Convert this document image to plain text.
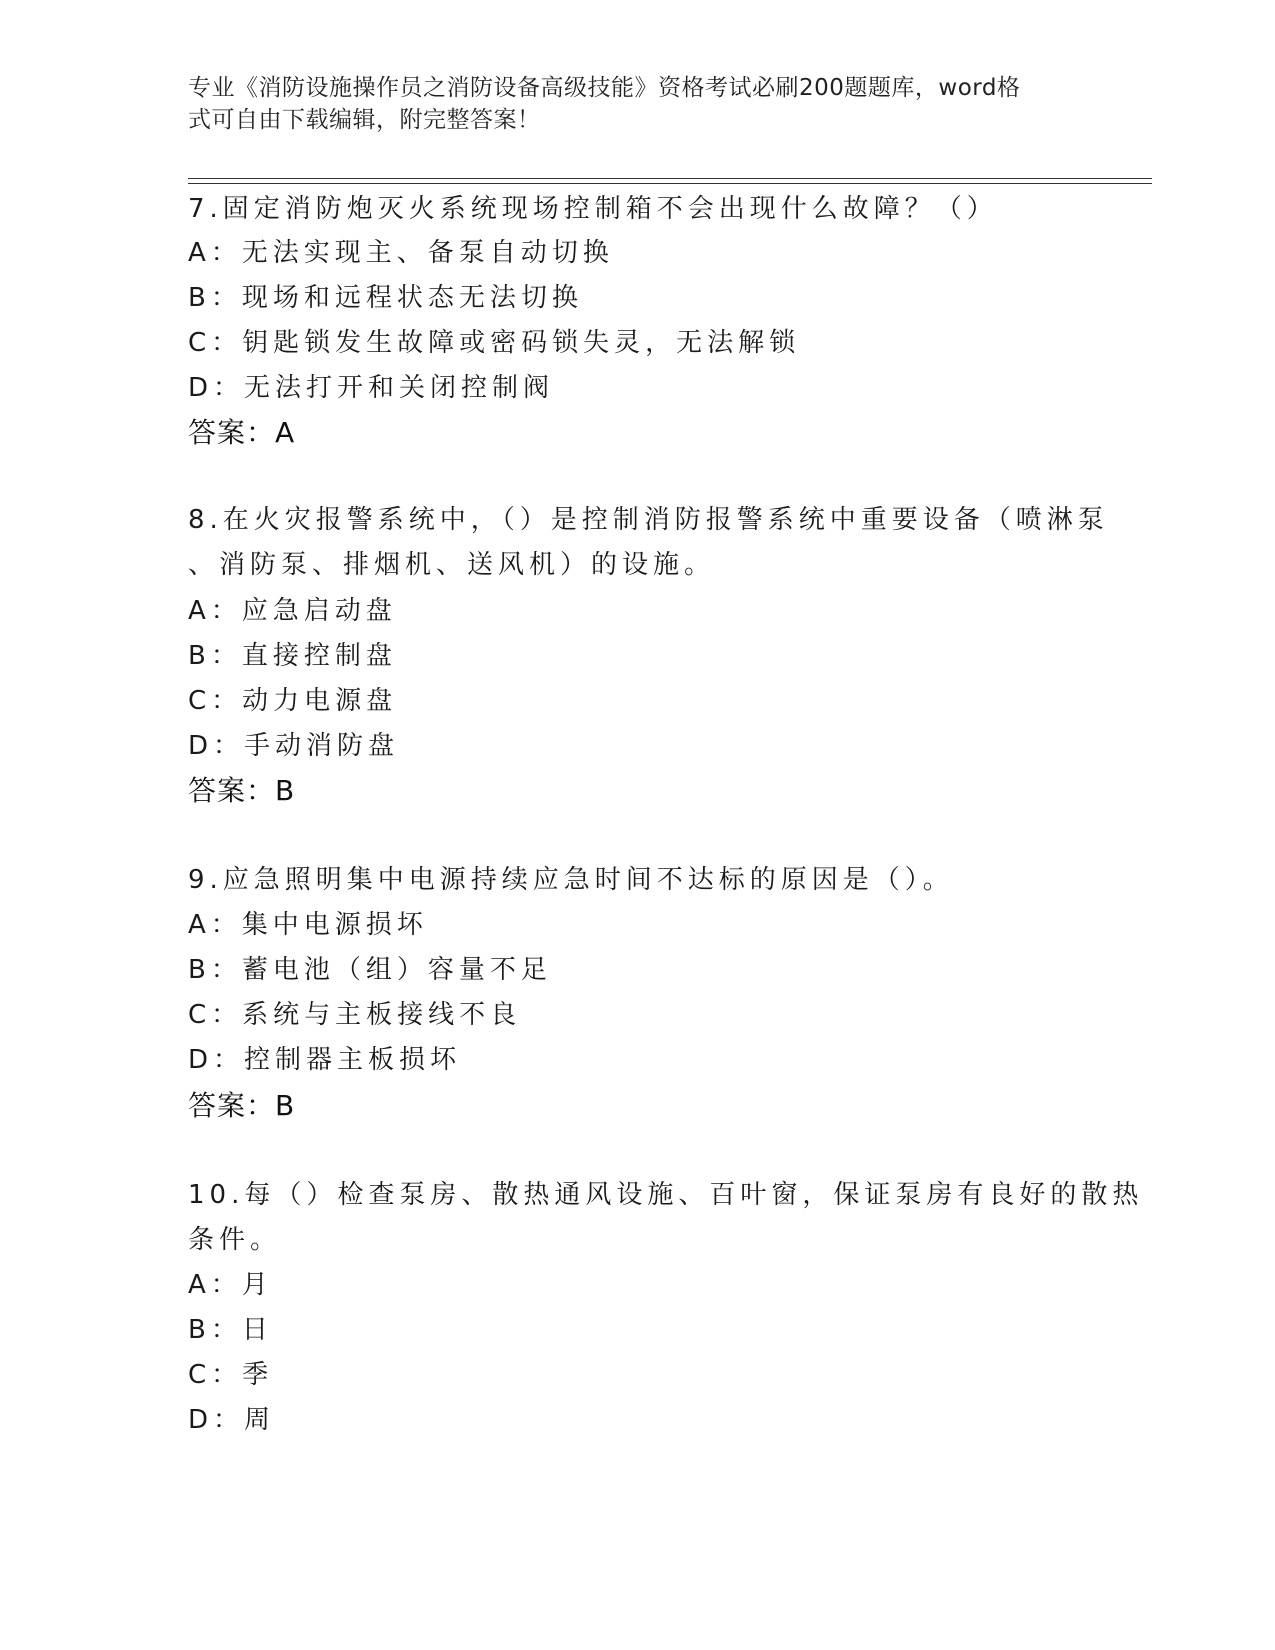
专业《消防设施操作员之消防设备高级技能》资格考试必刷200题题库，word格
式可自由下载编辑，附完整答案！
7.固定消防炮灭火系统现场控制箱不会出现什么故障？（）
A：无法实现主、备泵自动切换
B：现场和远程状态无法切换
C：钥匙锁发生故障或密码锁失灵，无法解锁
D：无法打开和关闭控制阀
答案：A
8.在火灾报警系统中，（）是控制消防报警系统中重要设备（喷淋泵
、消防泵、排烟机、送风机）的设施。
A：应急启动盘
B：直接控制盘
C：动力电源盘
D：手动消防盘
答案：B
9.应急照明集中电源持续应急时间不达标的原因是（）。
A：集中电源损坏
B：蓄电池（组）容量不足
C：系统与主板接线不良
D：控制器主板损坏
答案：B
10.每（）检查泵房、散热通风设施、百叶窗，保证泵房有良好的散热
条件。
A：月
B：日
C：季
D：周
